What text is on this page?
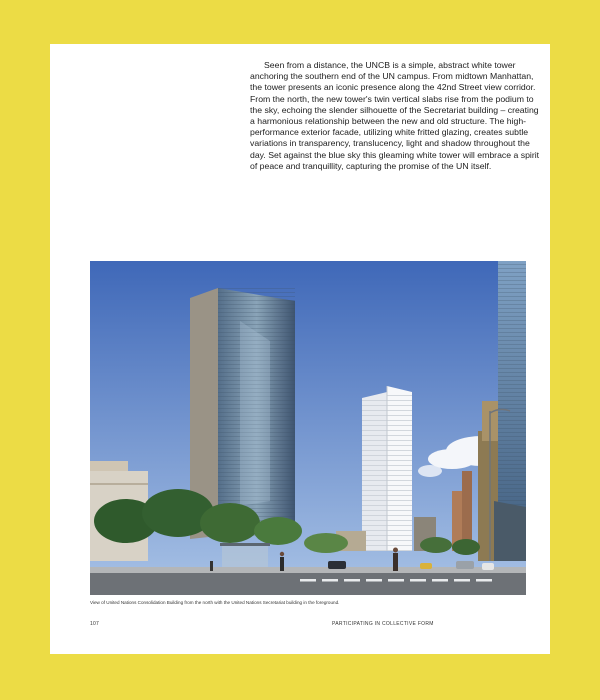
Seen from a distance, the UNCB is a simple, abstract white tower anchoring the southern end of the UN campus. From midtown Manhattan, the tower presents an iconic presence along the 42nd Street view corridor. From the north, the new tower's twin vertical slabs rise from the podium to the sky, echoing the slender silhouette of the Secretariat building – creating a harmonious relationship between the new and old structure. The high-performance exterior facade, utilizing white fritted glazing, creates subtle variations in transparency, translucency, light and shadow throughout the day. Set against the blue sky this gleaming white tower will embrace a spirit of peace and tranquillity, capturing the promise of the UN itself.

View of United Nations Consolidation Building from the north with the United Nations Secretariat building in the foreground.
107	PARTICIPATING IN COLLECTIVE FORM
